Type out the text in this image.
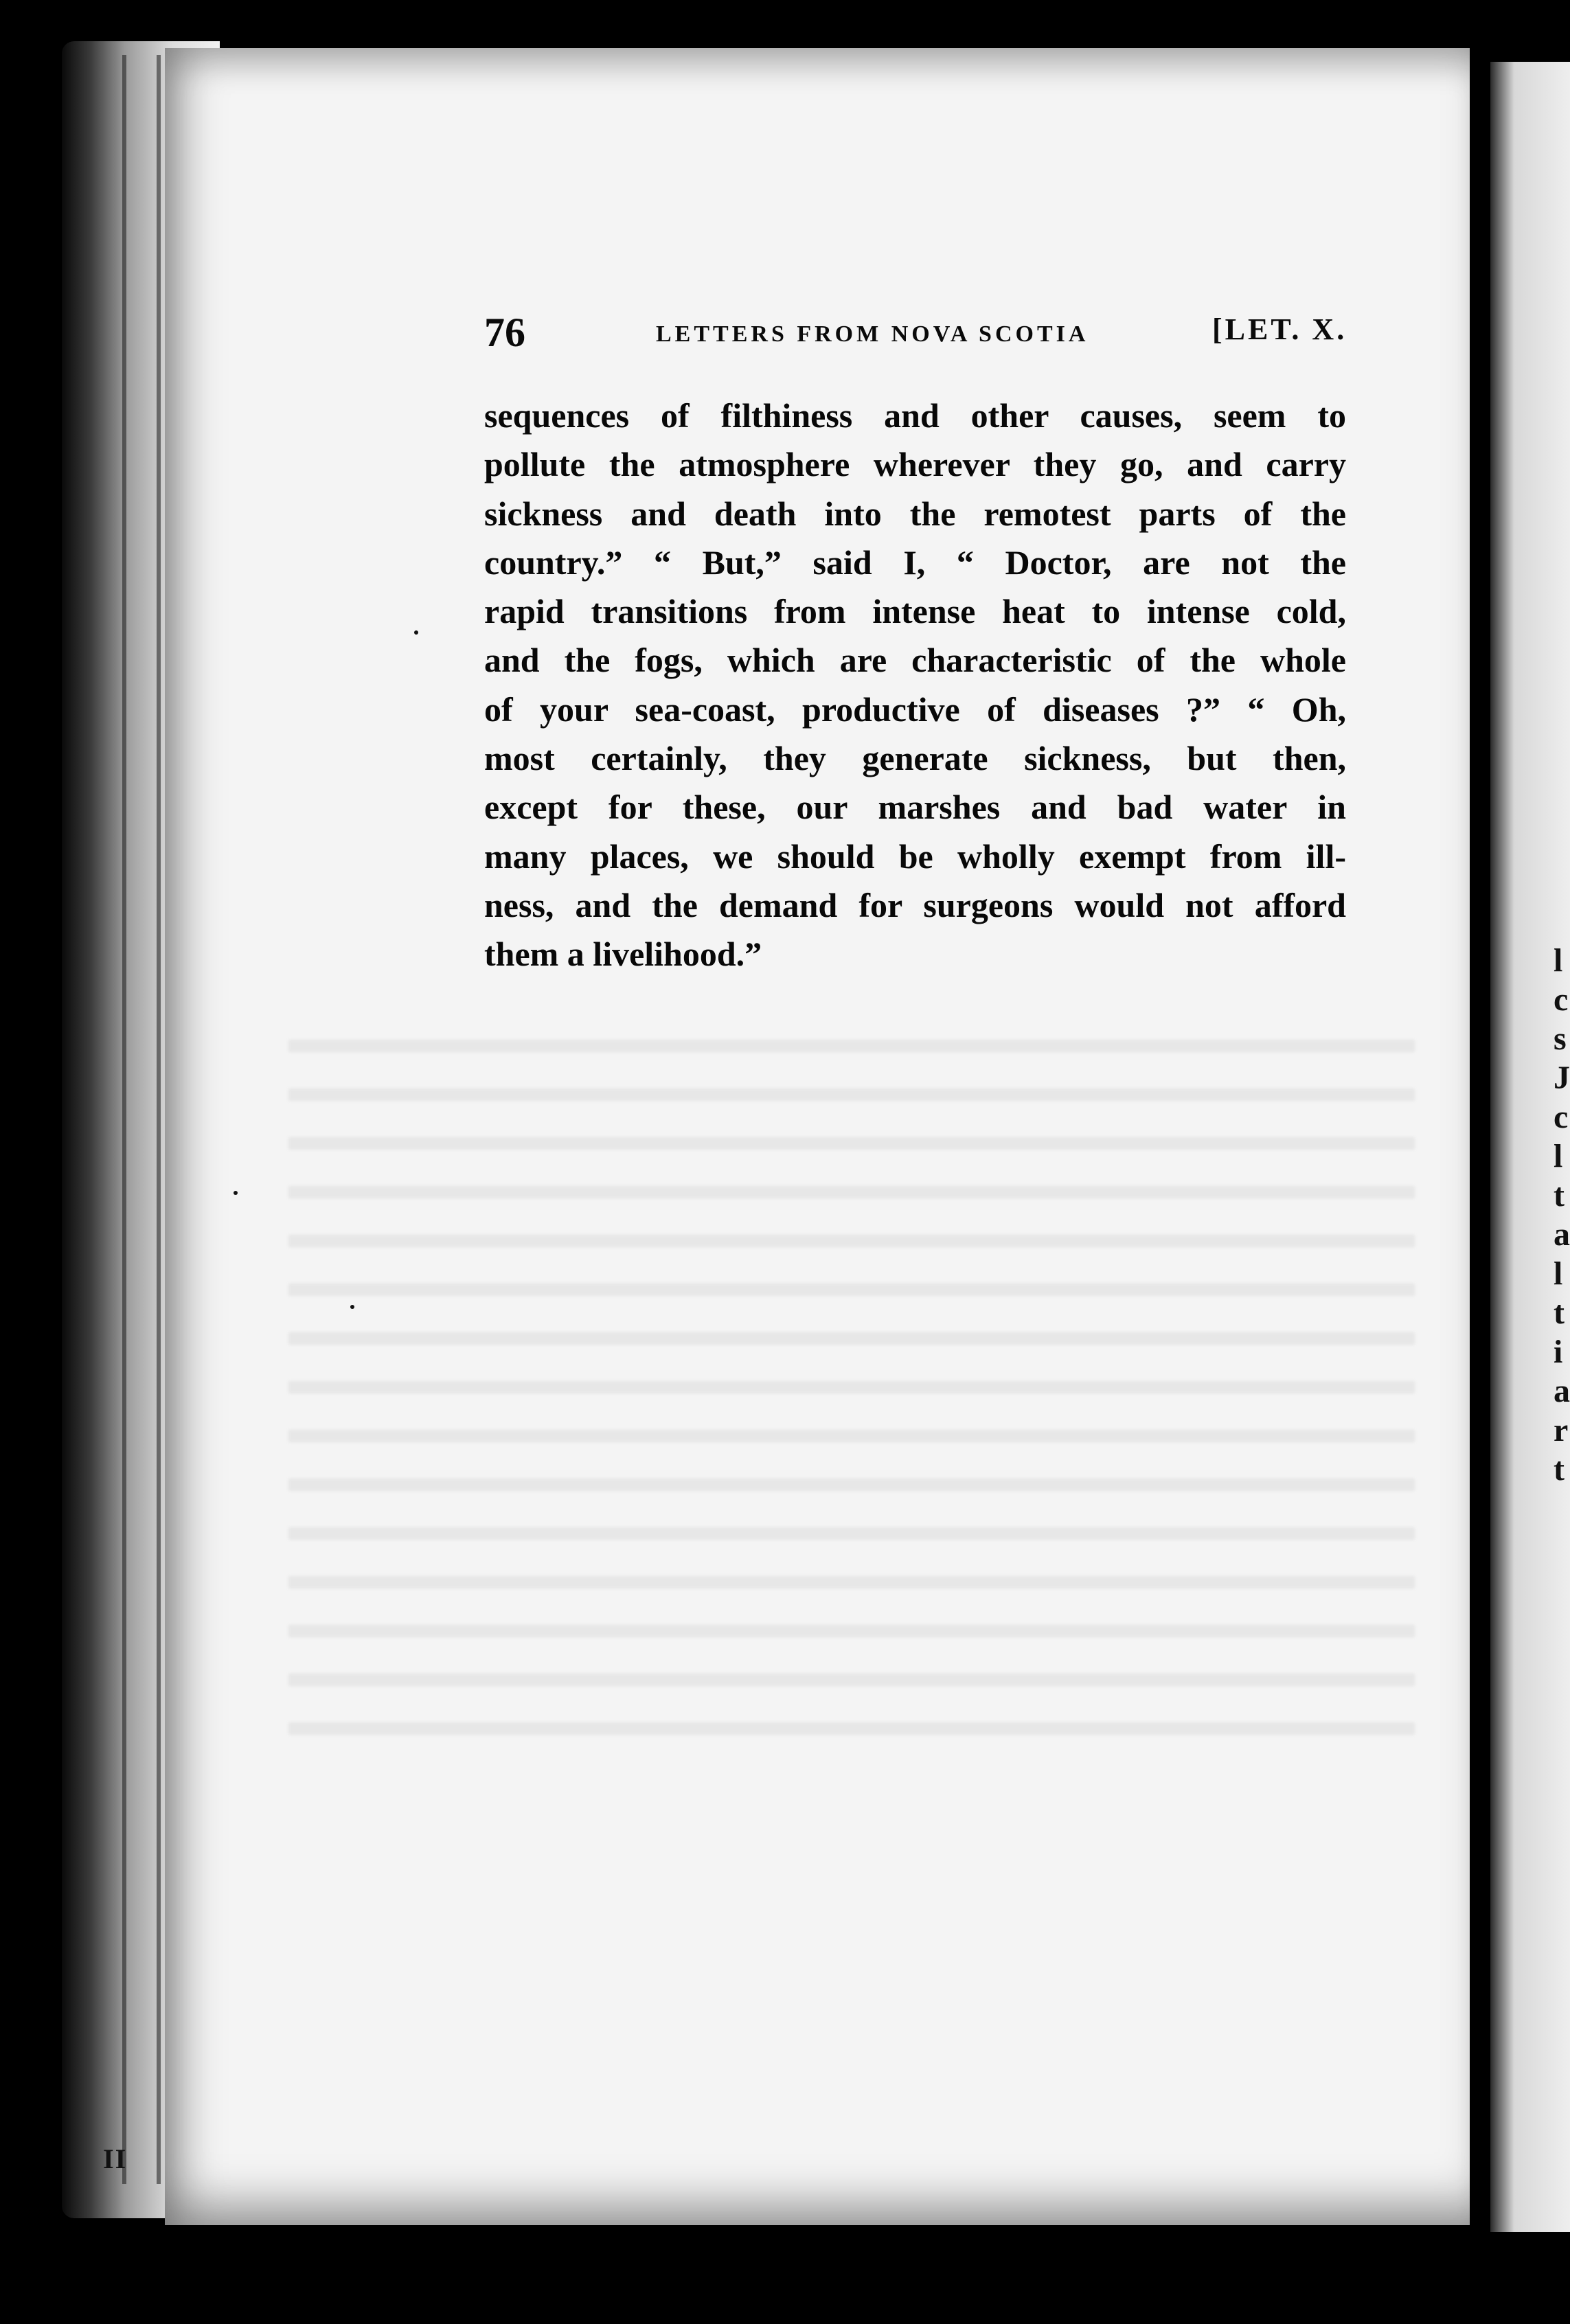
76	LETTERS FROM NOVA SCOTIA	[LET. X.
sequences of filthiness and other causes, seem to
pollute the atmosphere wherever they go, and carry
sickness and death into the remotest parts of the
country.” “ But,” said I, “ Doctor, are not the
rapid transitions from intense heat to intense cold,
and the fogs, which are characteristic of the whole
of your sea-coast, productive of diseases ?” “ Oh,
most certainly, they generate sickness, but then,
except for these, our marshes and bad water in
many places, we should be wholly exempt from ill-
ness, and the demand for surgeons would not afford
them a livelihood.”	l
c
s
J
c
l
t
a
l
t
i
a
r
t
II
